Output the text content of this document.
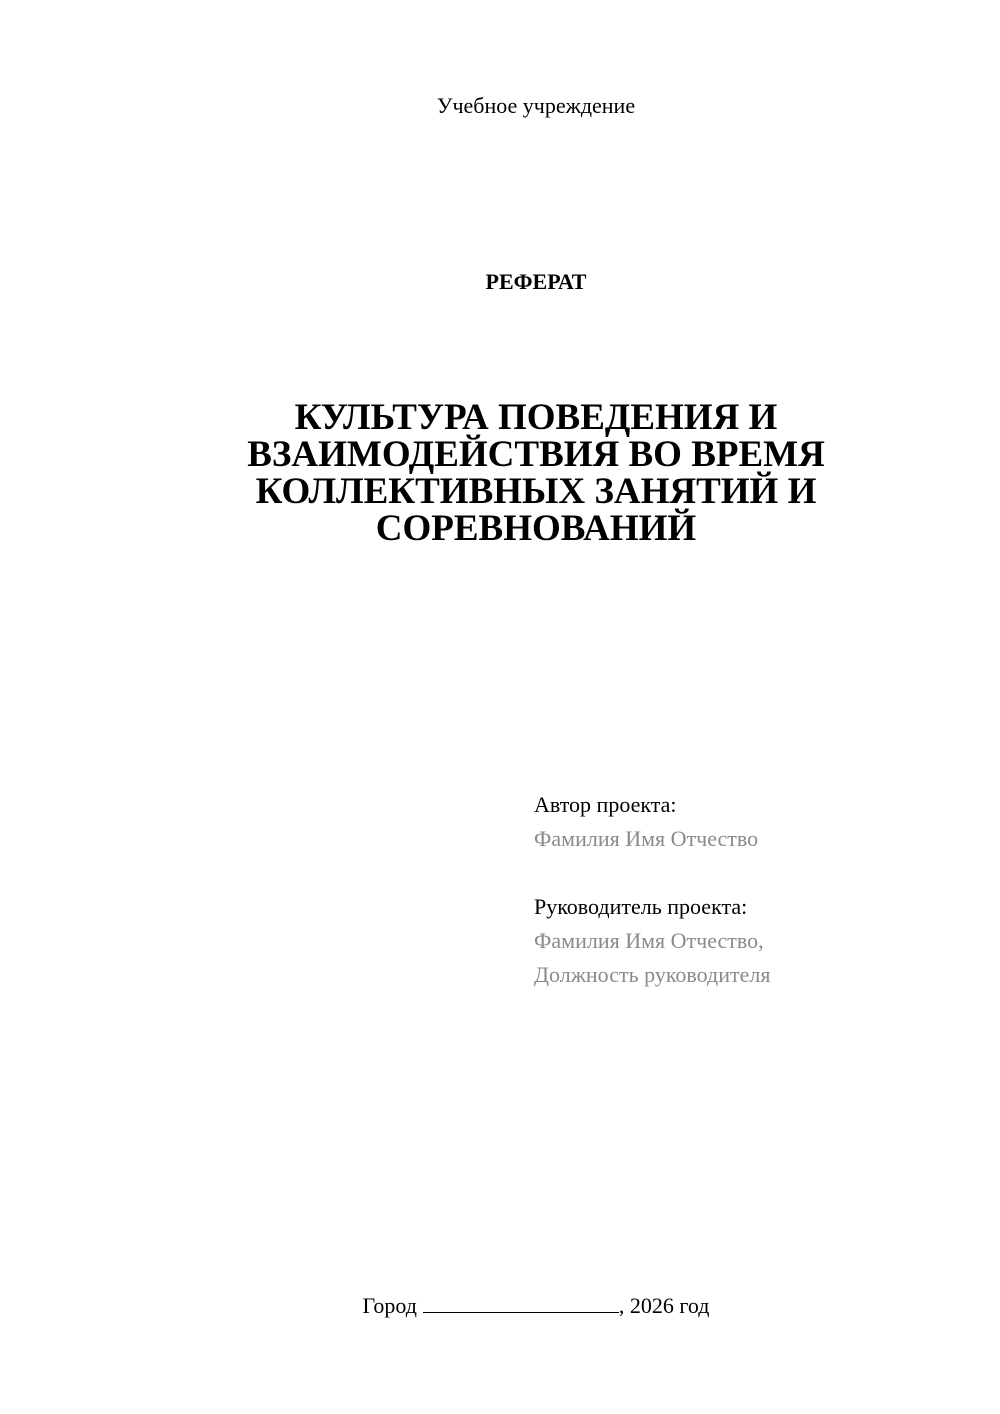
Учебное учреждение
РЕФЕРАТ
КУЛЬТУРА ПОВЕДЕНИЯ И ВЗАИМОДЕЙСТВИЯ ВО ВРЕМЯ КОЛЛЕКТИВНЫХ ЗАНЯТИЙ И СОРЕВНОВАНИЙ
Автор проекта:
Фамилия Имя Отчество
Руководитель проекта:
Фамилия Имя Отчество,
Должность руководителя
Город	, 2026 год
